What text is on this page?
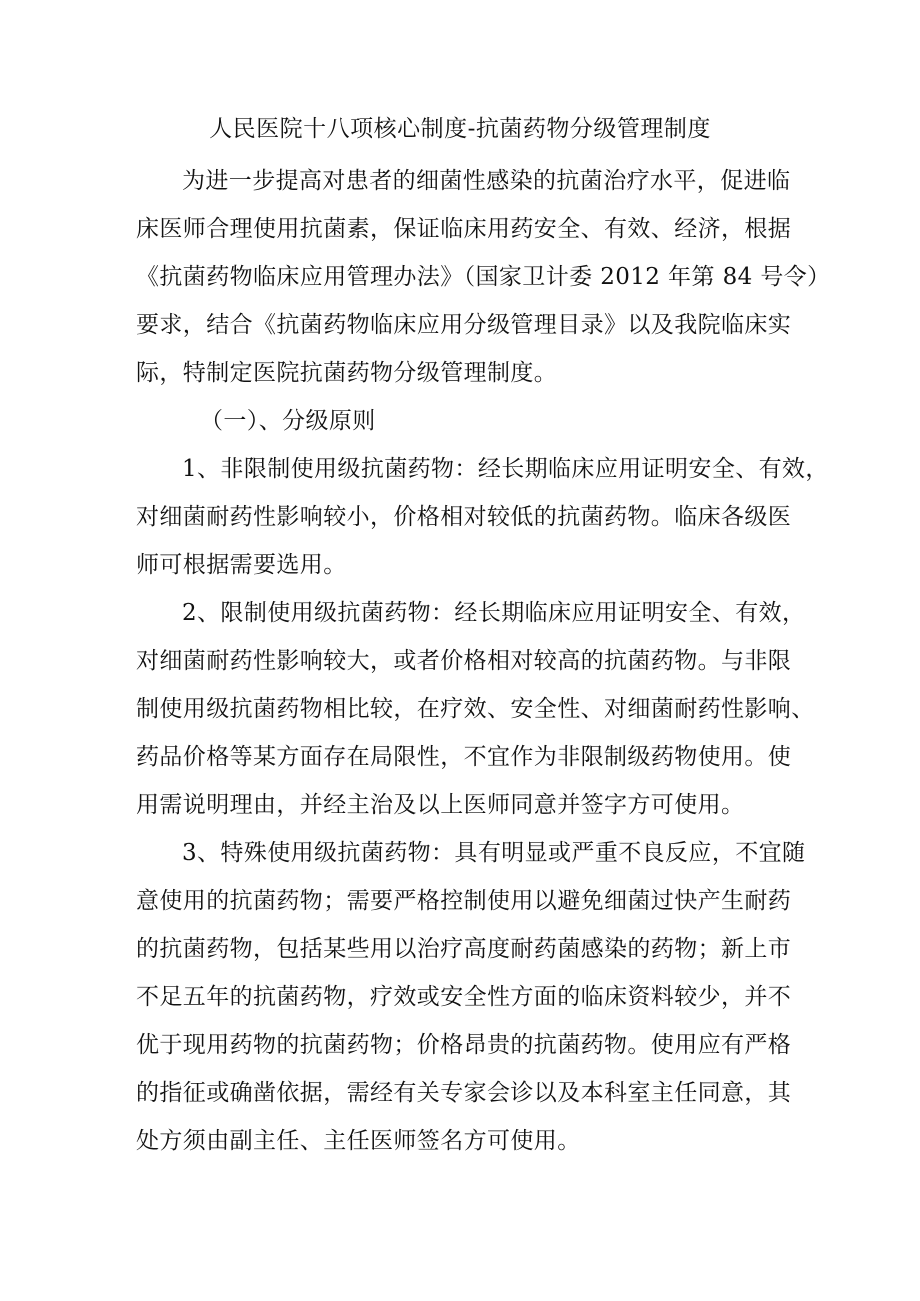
人民医院十八项核心制度-抗菌药物分级管理制度
为进一步提高对患者的细菌性感染的抗菌治疗水平，促进临
床医师合理使用抗菌素，保证临床用药安全、有效、经济，根据
《抗菌药物临床应用管理办法》（国家卫计委 2012 年第 84 号令）
要求，结合《抗菌药物临床应用分级管理目录》以及我院临床实
际，特制定医院抗菌药物分级管理制度。
（一）、分级原则
1、非限制使用级抗菌药物：经长期临床应用证明安全、有效，
对细菌耐药性影响较小，价格相对较低的抗菌药物。临床各级医
师可根据需要选用。
2、限制使用级抗菌药物：经长期临床应用证明安全、有效，
对细菌耐药性影响较大，或者价格相对较高的抗菌药物。与非限
制使用级抗菌药物相比较，在疗效、安全性、对细菌耐药性影响、
药品价格等某方面存在局限性，不宜作为非限制级药物使用。使
用需说明理由，并经主治及以上医师同意并签字方可使用。
3、特殊使用级抗菌药物：具有明显或严重不良反应，不宜随
意使用的抗菌药物；需要严格控制使用以避免细菌过快产生耐药
的抗菌药物，包括某些用以治疗高度耐药菌感染的药物；新上市
不足五年的抗菌药物，疗效或安全性方面的临床资料较少，并不
优于现用药物的抗菌药物；价格昂贵的抗菌药物。使用应有严格
的指征或确凿依据，需经有关专家会诊以及本科室主任同意，其
处方须由副主任、主任医师签名方可使用。
